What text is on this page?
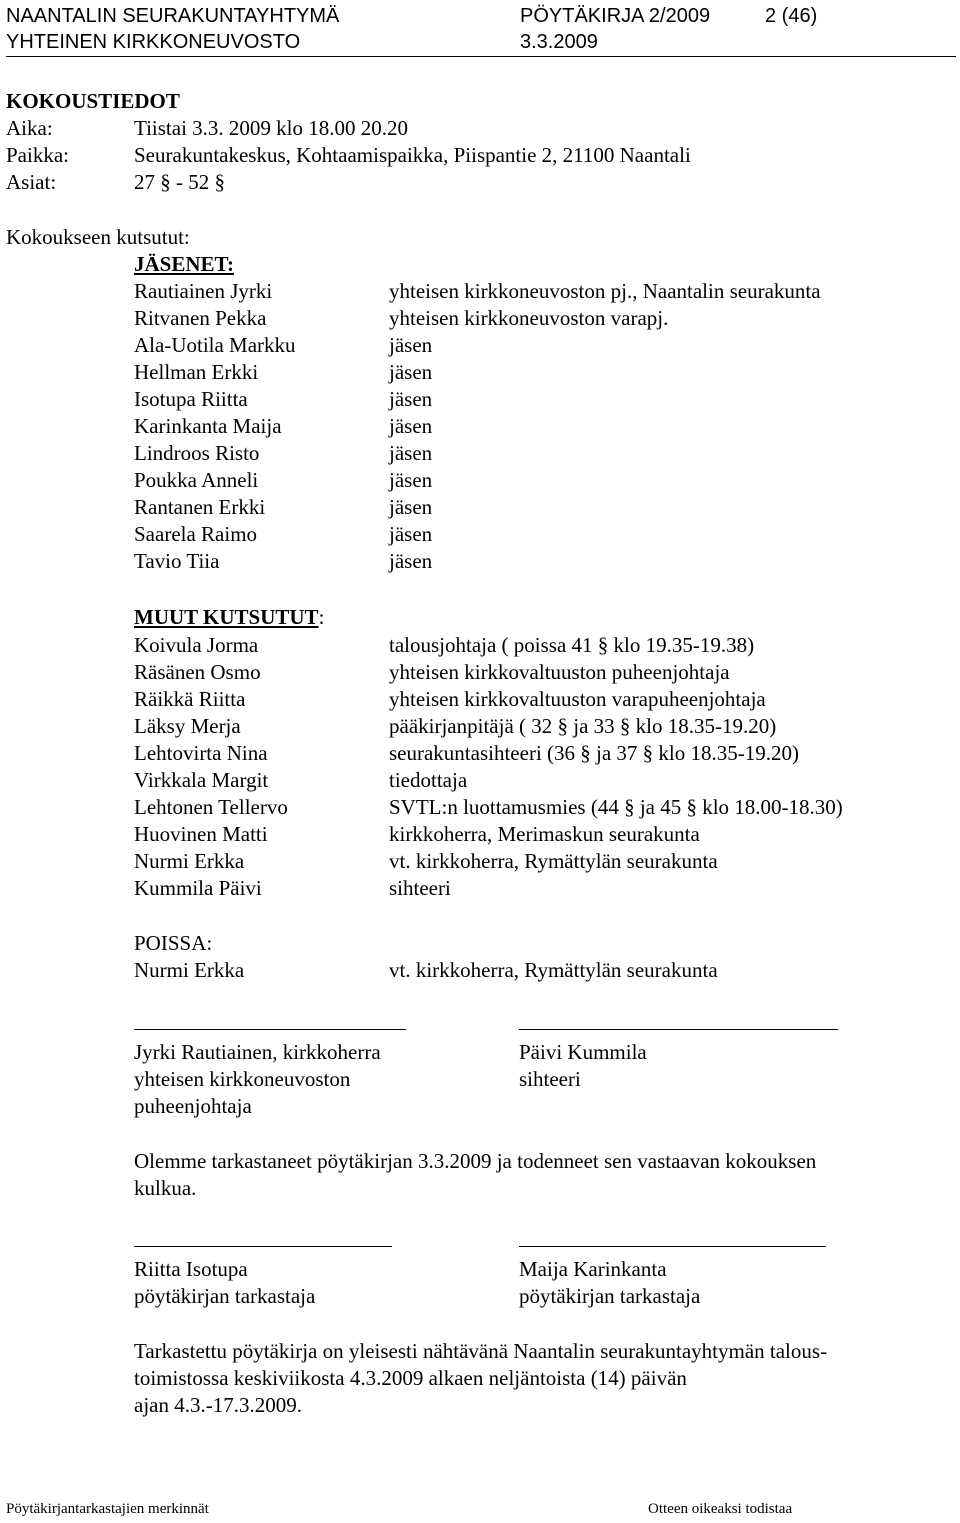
NAANTALIN SEURAKUNTAYHTYMÄ	PÖYTÄKIRJA 2/2009	2 (46)
YHTEINEN KIRKKONEUVOSTO	3.3.2009
KOKOUSTIEDOT
Aika:	Tiistai 3.3. 2009 klo 18.00 20.20
Paikka:	Seurakuntakeskus, Kohtaamispaikka, Piispantie 2, 21100 Naantali
Asiat:	27 § - 52 §
Kokoukseen kutsutut:
JÄSENET:
Rautiainen Jyrki	yhteisen kirkkoneuvoston pj., Naantalin seurakunta
Ritvanen Pekka	yhteisen kirkkoneuvoston varapj.
Ala-Uotila Markku	jäsen
Hellman Erkki	jäsen
Isotupa Riitta	jäsen
Karinkanta Maija	jäsen
Lindroos Risto	jäsen
Poukka Anneli	jäsen
Rantanen Erkki	jäsen
Saarela Raimo	jäsen
Tavio Tiia	jäsen
MUUT KUTSUTUT:
Koivula Jorma	talousjohtaja ( poissa 41 § klo 19.35-19.38)
Räsänen Osmo	yhteisen kirkkovaltuuston puheenjohtaja
Räikkä Riitta	yhteisen kirkkovaltuuston varapuheenjohtaja
Läksy Merja	pääkirjanpitäjä ( 32 § ja 33 § klo 18.35-19.20)
Lehtovirta Nina	seurakuntasihteeri (36 § ja 37 § klo 18.35-19.20)
Virkkala Margit	tiedottaja
Lehtonen Tellervo	SVTL:n luottamusmies (44 § ja 45 § klo 18.00-18.30)
Huovinen Matti	kirkkoherra, Merimaskun seurakunta
Nurmi Erkka	vt. kirkkoherra, Rymättylän seurakunta
Kummila Päivi	sihteeri
POISSA:
Nurmi Erkka	vt. kirkkoherra, Rymättylän seurakunta
Jyrki Rautiainen, kirkkoherra
yhteisen kirkkoneuvoston
puheenjohtaja
Päivi Kummila
sihteeri
Olemme tarkastaneet pöytäkirjan 3.3.2009 ja todenneet sen vastaavan kokouksen
kulkua.
Riitta Isotupa
pöytäkirjan tarkastaja
Maija Karinkanta
pöytäkirjan tarkastaja
Tarkastettu pöytäkirja on yleisesti nähtävänä Naantalin seurakuntayhtymän talous-
toimistossa keskiviikosta 4.3.2009 alkaen neljäntoista (14) päivän
ajan 4.3.-17.3.2009.
Pöytäkirjantarkastajien merkinnät	Otteen oikeaksi todistaa
